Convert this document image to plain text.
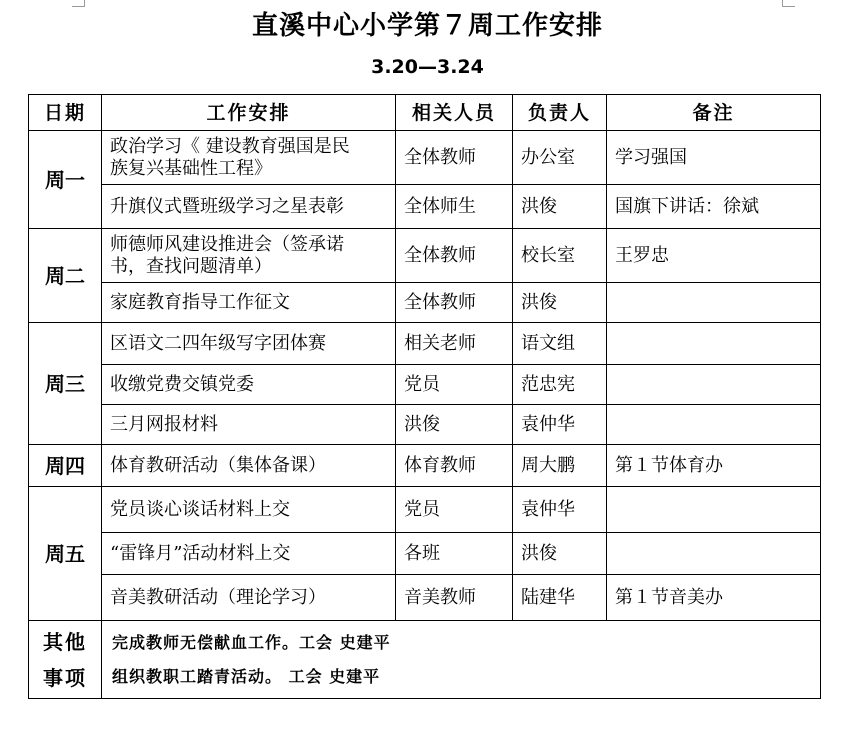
直溪中心小学第７周工作安排
3.20—3.24
日期	工作安排	相关人员	负责人	备注
周一	政治学习《 建设教育强国是民
族复兴基础性工程》	全体教师	办公室	学习强国

	升旗仪式暨班级学习之星表彰	全体师生	洪俊	国旗下讲话：徐斌
周二	师德师风建设推进会（签承诺
书，查找问题清单）	全体教师	校长室	王罗忠

	家庭教育指导工作征文	全体教师	洪俊	
周三	区语文二四年级写字团体赛	相关老师	语文组	

	收缴党费交镇党委	党员	范忠宪	

	三月网报材料	洪俊	袁仲华	
周四	体育教研活动（集体备课）	体育教师	周大鹏	第１节体育办
周五	党员谈心谈话材料上交	党员	袁仲华	

	“雷锋月”活动材料上交	各班	洪俊	

	音美教研活动（理论学习）	音美教师	陆建华	第１节音美办

其他
事项	完成教师无偿献血工作。工会 史建平
组织教职工踏青活动。 工会 史建平			
